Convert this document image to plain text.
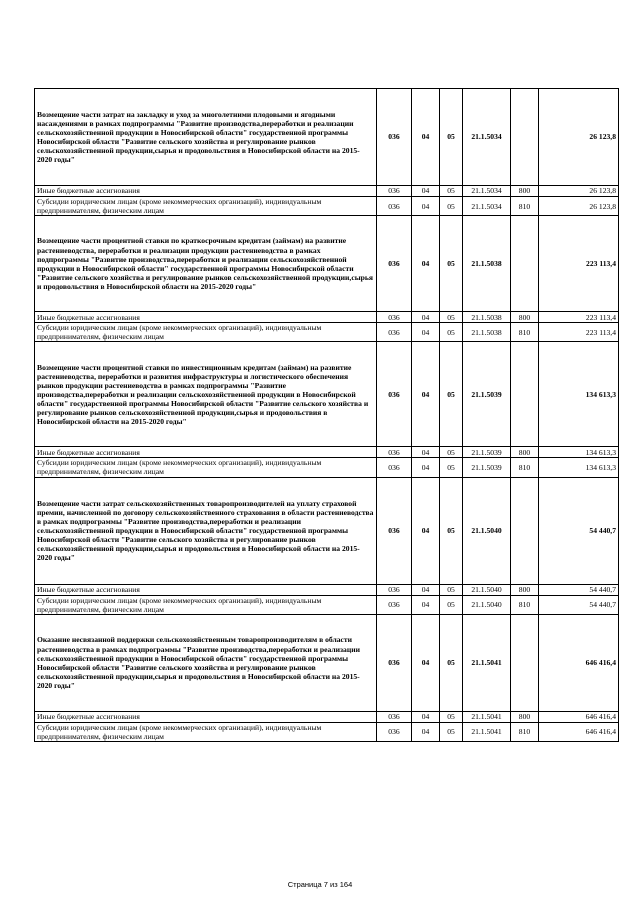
Возмещение части затрат на закладку и уход за многолетними плодовыми и ягодными насаждениями в рамках подпрограммы "Развитие производства,переработки и реализации сельскохозяйственной продукции в Новосибирской области" государственной программы Новосибирской области "Развитие сельского хозяйства и регулирование рынков сельскохозяйственной продукции,сырья и продовольствия в Новосибирской области на 2015-2020 годы"	036	04	05	21.1.5034		26 123,8
Иные бюджетные ассигнования	036	04	05	21.1.5034	800	26 123,8
Субсидии юридическим лицам (кроме некоммерческих организаций), индивидуальным предпринимателям, физическим лицам	036	04	05	21.1.5034	810	26 123,8
Возмещение части процентной ставки по краткосрочным кредитам (займам) на развитие растениеводства, переработки и реализации продукции растениеводства в рамках подпрограммы "Развитие производства,переработки и реализации сельскохозяйственной продукции в Новосибирской области" государственной программы Новосибирской области "Развитие сельского хозяйства и регулирование рынков сельскохозяйственной продукции,сырья и продовольствия в Новосибирской области на 2015-2020 годы"	036	04	05	21.1.5038		223 113,4
Иные бюджетные ассигнования	036	04	05	21.1.5038	800	223 113,4
Субсидии юридическим лицам (кроме некоммерческих организаций), индивидуальным предпринимателям, физическим лицам	036	04	05	21.1.5038	810	223 113,4
Возмещение части процентной ставки по инвестиционным кредитам (займам) на развитие растениеводства, переработки и развития инфраструктуры и логистического обеспечения рынков продукции растениеводства в рамках подпрограммы "Развитие производства,переработки и реализации сельскохозяйственной продукции в Новосибирской области" государственной программы Новосибирской области "Развитие сельского хозяйства и регулирование рынков сельскохозяйственной продукции,сырья и продовольствия в Новосибирской области на 2015-2020 годы"	036	04	05	21.1.5039		134 613,3
Иные бюджетные ассигнования	036	04	05	21.1.5039	800	134 613,3
Субсидии юридическим лицам (кроме некоммерческих организаций), индивидуальным предпринимателям, физическим лицам	036	04	05	21.1.5039	810	134 613,3
Возмещение части затрат сельскохозяйственных товаропроизводителей на уплату страховой премии, начисленной по договору сельскохозяйственного страхования в области растениеводства в рамках подпрограммы "Развитие производства,переработки и реализации сельскохозяйственной продукции в Новосибирской области" государственной программы Новосибирской области "Развитие сельского хозяйства и регулирование рынков сельскохозяйственной продукции,сырья и продовольствия в Новосибирской области на 2015-2020 годы"	036	04	05	21.1.5040		54 440,7
Иные бюджетные ассигнования	036	04	05	21.1.5040	800	54 440,7
Субсидии юридическим лицам (кроме некоммерческих организаций), индивидуальным предпринимателям, физическим лицам	036	04	05	21.1.5040	810	54 440,7
Оказание несвязанной поддержки сельскохозяйственным товаропроизводителям в области растениеводства в рамках подпрограммы "Развитие производства,переработки и реализации сельскохозяйственной продукции в Новосибирской области" государственной программы Новосибирской области "Развитие сельского хозяйства и регулирование рынков сельскохозяйственной продукции,сырья и продовольствия в Новосибирской области на 2015-2020 годы"	036	04	05	21.1.5041		646 416,4
Иные бюджетные ассигнования	036	04	05	21.1.5041	800	646 416,4
Субсидии юридическим лицам (кроме некоммерческих организаций), индивидуальным предпринимателям, физическим лицам	036	04	05	21.1.5041	810	646 416,4
Страница 7 из 164
